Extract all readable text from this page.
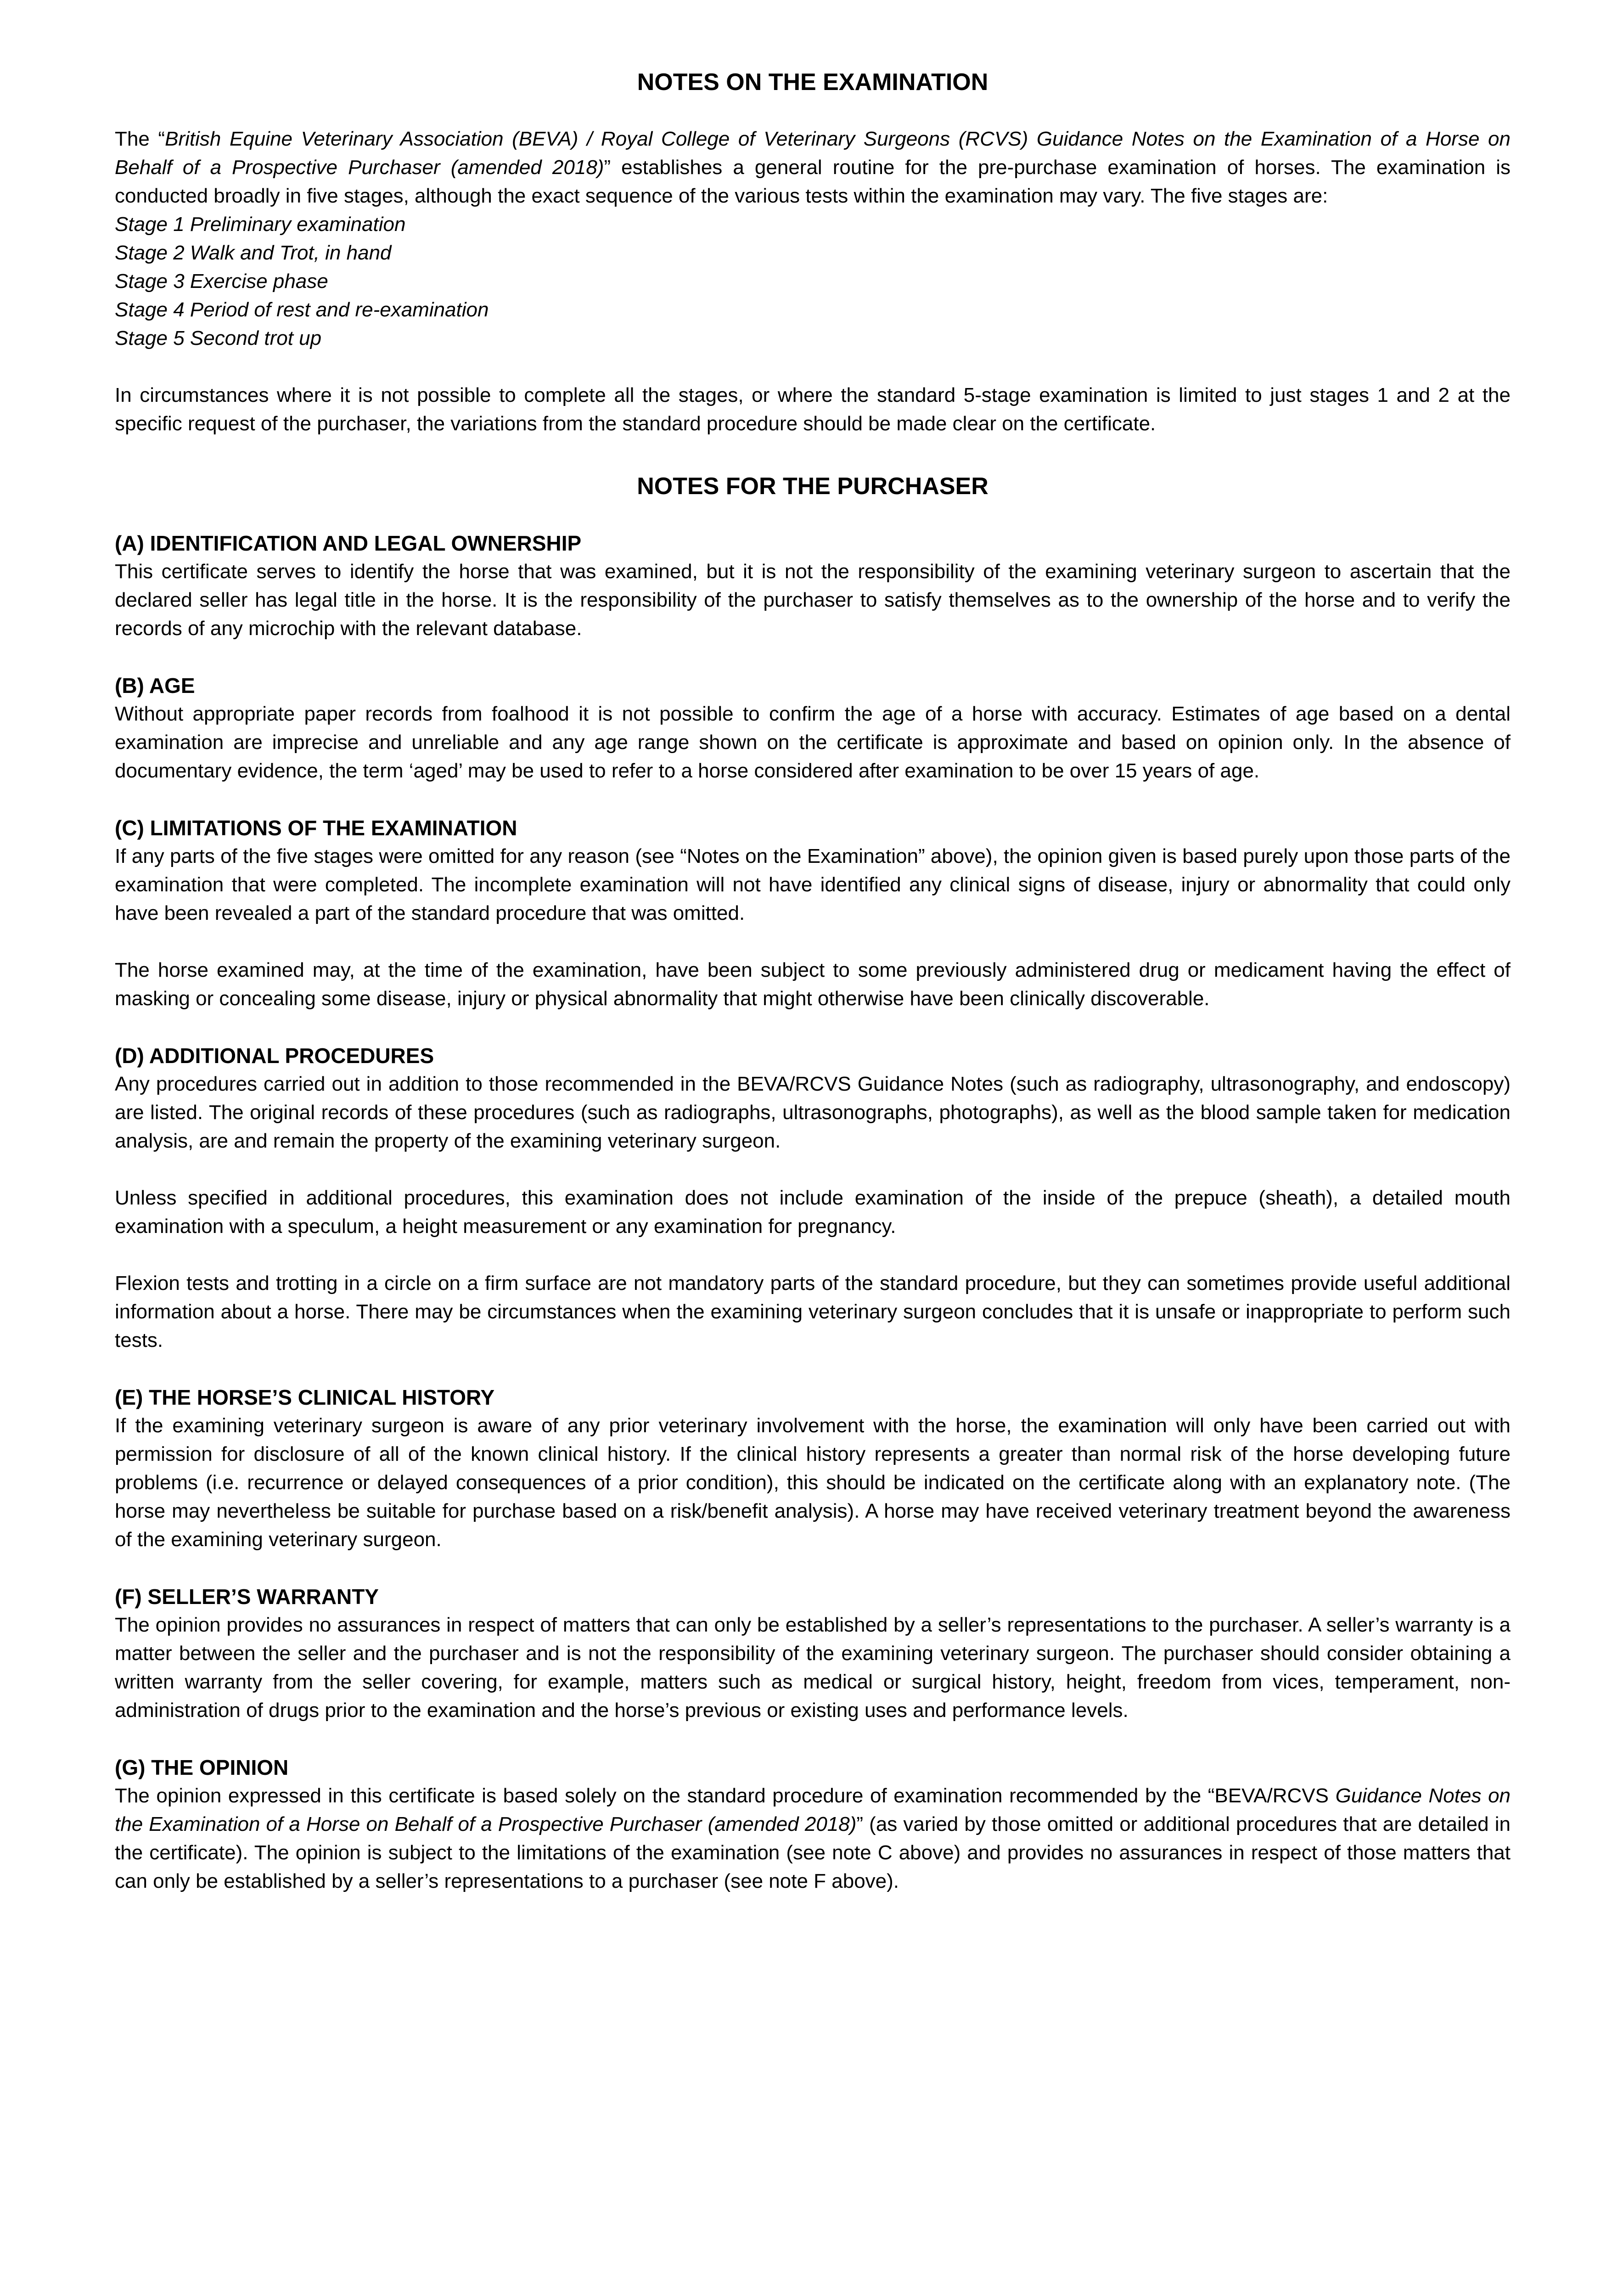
NOTES ON THE EXAMINATION

The “British Equine Veterinary Association (BEVA) / Royal College of Veterinary Surgeons (RCVS) Guidance Notes on the Examination of a Horse on Behalf of a Prospective Purchaser (amended 2018)” establishes a general routine for the pre-purchase examination of horses. The examination is conducted broadly in five stages, although the exact sequence of the various tests within the examination may vary. The five stages are:

Stage 1 Preliminary examination
Stage 2 Walk and Trot, in hand
Stage 3 Exercise phase
Stage 4 Period of rest and re-examination
Stage 5 Second trot up

In circumstances where it is not possible to complete all the stages, or where the standard 5-stage examination is limited to just stages 1 and 2 at the specific request of the purchaser, the variations from the standard procedure should be made clear on the certificate.

NOTES FOR THE PURCHASER
(A) IDENTIFICATION AND LEGAL OWNERSHIP

This certificate serves to identify the horse that was examined, but it is not the responsibility of the examining veterinary surgeon to ascertain that the declared seller has legal title in the horse. It is the responsibility of the purchaser to satisfy themselves as to the ownership of the horse and to verify the records of any microchip with the relevant database.

(B) AGE

Without appropriate paper records from foalhood it is not possible to confirm the age of a horse with accuracy. Estimates of age based on a dental examination are imprecise and unreliable and any age range shown on the certificate is approximate and based on opinion only. In the absence of documentary evidence, the term ‘aged’ may be used to refer to a horse considered after examination to be over 15 years of age.

(C) LIMITATIONS OF THE EXAMINATION

If any parts of the five stages were omitted for any reason (see “Notes on the Examination” above), the opinion given is based purely upon those parts of the examination that were completed. The incomplete examination will not have identified any clinical signs of disease, injury or abnormality that could only have been revealed a part of the standard procedure that was omitted.

The horse examined may, at the time of the examination, have been subject to some previously administered drug or medicament having the effect of masking or concealing some disease, injury or physical abnormality that might otherwise have been clinically discoverable.

(D) ADDITIONAL PROCEDURES

Any procedures carried out in addition to those recommended in the BEVA/RCVS Guidance Notes (such as radiography, ultrasonography, and endoscopy) are listed. The original records of these procedures (such as radiographs, ultrasonographs, photographs), as well as the blood sample taken for medication analysis, are and remain the property of the examining veterinary surgeon.

Unless specified in additional procedures, this examination does not include examination of the inside of the prepuce (sheath), a detailed mouth examination with a speculum, a height measurement or any examination for pregnancy.

Flexion tests and trotting in a circle on a firm surface are not mandatory parts of the standard procedure, but they can sometimes provide useful additional information about a horse. There may be circumstances when the examining veterinary surgeon concludes that it is unsafe or inappropriate to perform such tests.

(E) THE HORSE’S CLINICAL HISTORY

If the examining veterinary surgeon is aware of any prior veterinary involvement with the horse, the examination will only have been carried out with permission for disclosure of all of the known clinical history. If the clinical history represents a greater than normal risk of the horse developing future problems (i.e. recurrence or delayed consequences of a prior condition), this should be indicated on the certificate along with an explanatory note. (The horse may nevertheless be suitable for purchase based on a risk/benefit analysis). A horse may have received veterinary treatment beyond the awareness of the examining veterinary surgeon.

(F) SELLER’S WARRANTY

The opinion provides no assurances in respect of matters that can only be established by a seller’s representations to the purchaser. A seller’s warranty is a matter between the seller and the purchaser and is not the responsibility of the examining veterinary surgeon. The purchaser should consider obtaining a written warranty from the seller covering, for example, matters such as medical or surgical history, height, freedom from vices, temperament, non-administration of drugs prior to the examination and the horse’s previous or existing uses and performance levels.

(G) THE OPINION

The opinion expressed in this certificate is based solely on the standard procedure of examination recommended by the “BEVA/RCVS Guidance Notes on the Examination of a Horse on Behalf of a Prospective Purchaser (amended 2018)” (as varied by those omitted or additional procedures that are detailed in the certificate). The opinion is subject to the limitations of the examination (see note C above) and provides no assurances in respect of those matters that can only be established by a seller’s representations to a purchaser (see note F above).
